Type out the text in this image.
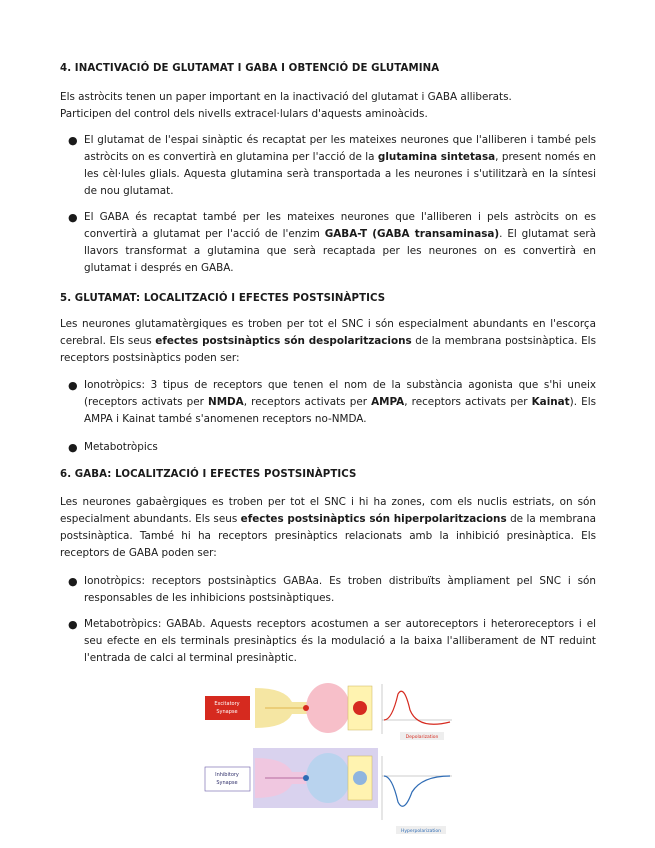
4. INACTIVACIÓ DE GLUTAMAT I GABA I OBTENCIÓ DE GLUTAMINA

Els astròcits tenen un paper important en la inactivació del glutamat i GABA alliberats.
Participen del control dels nivells extracel·lulars d'aquests aminoàcids.

● El glutamat de l'espai sinàptic és recaptat per les mateixes neurones que l'alliberen i també pels astròcits on es convertirà en glutamina per l'acció de la glutamina sintetasa, present només en les cèl·lules glials. Aquesta glutamina serà transportada a les neurones i s'utilitzarà en la síntesi de nou glutamat.
● El GABA és recaptat també per les mateixes neurones que l'alliberen i pels astròcits on es convertirà a glutamat per l'acció de l'enzim GABA-T (GABA transaminasa). El glutamat serà llavors transformat a glutamina que serà recaptada per les neurones on es convertirà en glutamat i després en GABA.
5. GLUTAMAT: LOCALITZACIÓ I EFECTES POSTSINÀPTICS

Les neurones glutamatèrgiques es troben per tot el SNC i són especialment abundants en l'escorça cerebral. Els seus efectes postsinàptics són despolaritzacions de la membrana postsinàptica. Els receptors postsinàptics poden ser:

● Ionotròpics: 3 tipus de receptors que tenen el nom de la substància agonista que s'hi uneix (receptors activats per NMDA, receptors activats per AMPA, receptors activats per Kainat). Els AMPA i Kainat també s'anomenen receptors no-NMDA.
● Metabotròpics
6. GABA: LOCALITZACIÓ I EFECTES POSTSINÀPTICS

Les neurones gabaèrgiques es troben per tot el SNC i hi ha zones, com els nuclis estriats, on són especialment abundants. Els seus efectes postsinàptics són hiperpolaritzacions de la membrana postsinàptica. També hi ha receptors presinàptics relacionats amb la inhibició presinàptica. Els receptors de GABA poden ser:

● Ionotròpics: receptors postsinàptics GABAa. Es troben distribuïts àmpliament pel SNC i són responsables de les inhibicions postsinàptiques.
● Metabotròpics: GABAb. Aquests receptors acostumen a ser autoreceptors i heteroreceptors i el seu efecte en els terminals presinàptics és la modulació a la baixa l'alliberament de NT reduint l'entrada de calci al terminal presinàptic.
Excitatory
Synapse
Depolarization
Inhibitory
Synapse
Hyperpolarization
